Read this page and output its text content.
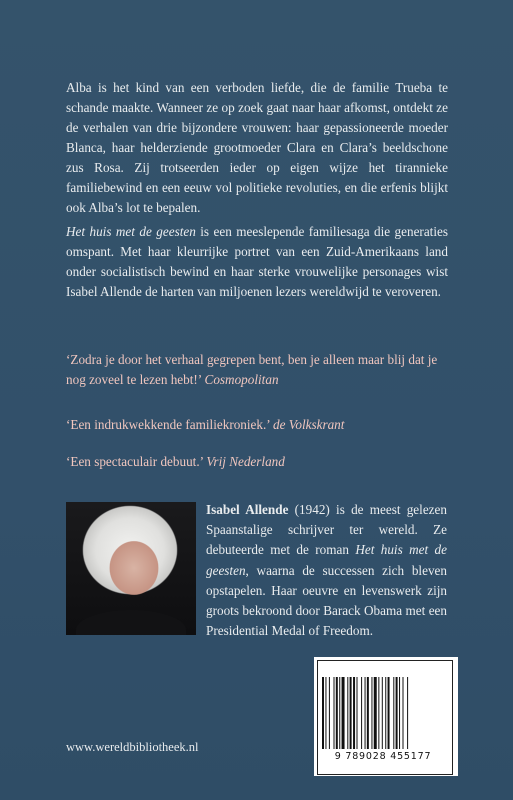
Alba is het kind van een verboden liefde, die de familie Trueba te schande maakte. Wanneer ze op zoek gaat naar haar afkomst, ontdekt ze de verhalen van drie bijzondere vrouwen: haar gepassioneerde moeder Blanca, haar helderziende grootmoeder Clara en Clara’s beeldschone zus Rosa. Zij trotseerden ieder op eigen wijze het tirannieke familiebewind en een eeuw vol politieke revoluties, en die erfenis blijkt ook Alba’s lot te bepalen.

Het huis met de geesten is een meeslepende familiesaga die generaties omspant. Met haar kleurrijke portret van een Zuid-Amerikaans land onder socialistisch bewind en haar sterke vrouwelijke personages wist Isabel Allende de harten van miljoenen lezers wereldwijd te veroveren.

‘Zodra je door het verhaal gegrepen bent, ben je alleen maar blij dat je nog zoveel te lezen hebt!’ Cosmopolitan

‘Een indrukwekkende familiekroniek.’ de Volkskrant

‘Een spectaculair debuut.’ Vrij Nederland

Isabel Allende (1942) is de meest gelezen Spaanstalige schrijver ter wereld. Ze debuteerde met de roman Het huis met de geesten, waarna de successen zich bleven opstapelen. Haar oeuvre en levenswerk zijn groots bekroond door Barack Obama met een Presidential Medal of Freedom.

9 789028 455177

www.wereldbibliotheek.nl
